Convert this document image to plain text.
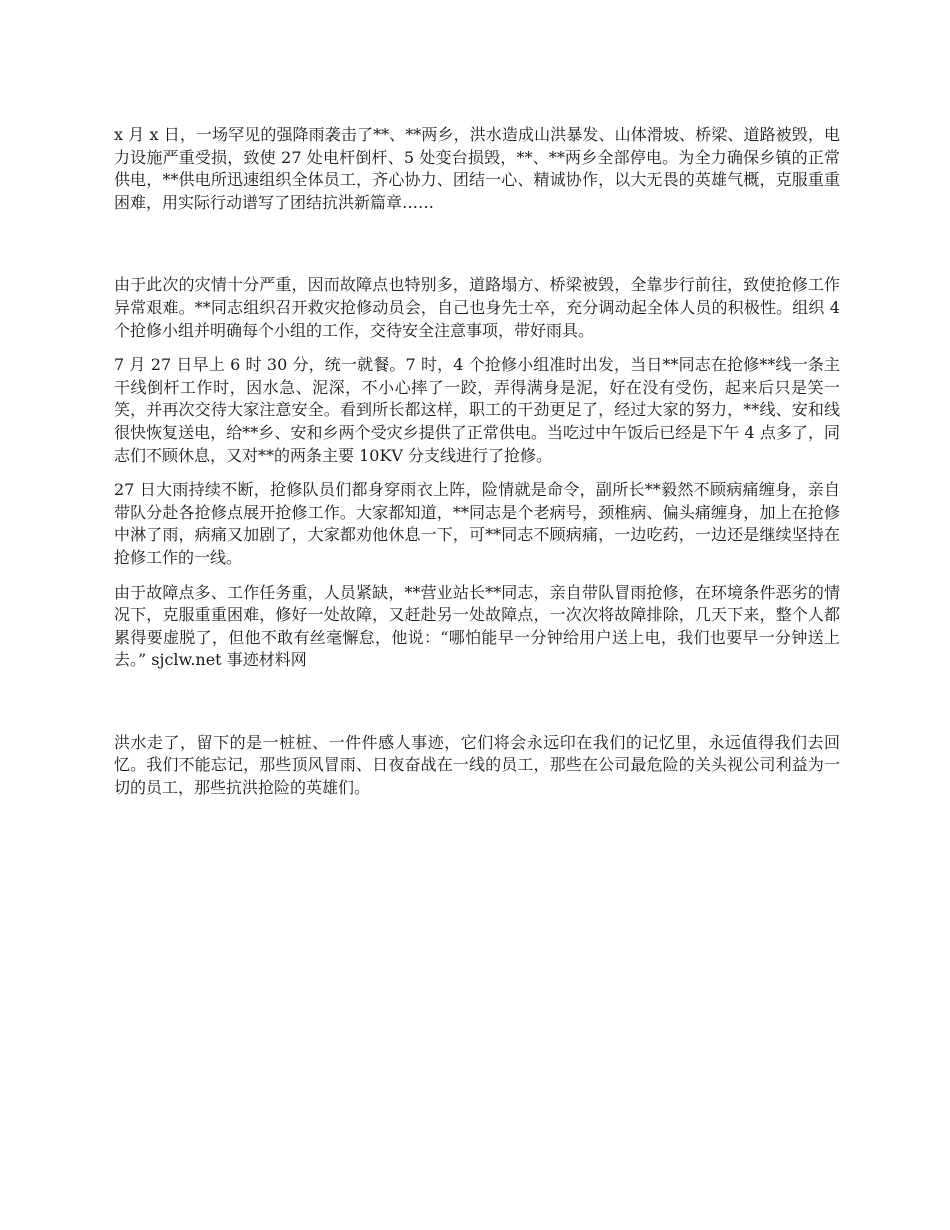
x 月 x 日，一场罕见的强降雨袭击了**、**两乡，洪水造成山洪暴发、山体滑坡、桥梁、道路被毁，电力设施严重受损，致使 27 处电杆倒杆、5 处变台损毁，**、**两乡全部停电。为全力确保乡镇的正常供电，**供电所迅速组织全体员工，齐心协力、团结一心、精诚协作，以大无畏的英雄气概，克服重重困难，用实际行动谱写了团结抗洪新篇章……

由于此次的灾情十分严重，因而故障点也特别多，道路塌方、桥梁被毁，全靠步行前往，致使抢修工作异常艰难。**同志组织召开救灾抢修动员会，自己也身先士卒，充分调动起全体人员的积极性。组织 4 个抢修小组并明确每个小组的工作，交待安全注意事项，带好雨具。

7 月 27 日早上 6 时 30 分，统一就餐。7 时，4 个抢修小组准时出发，当日**同志在抢修**线一条主干线倒杆工作时，因水急、泥深，不小心摔了一跤，弄得满身是泥，好在没有受伤，起来后只是笑一笑，并再次交待大家注意安全。看到所长都这样，职工的干劲更足了，经过大家的努力，**线、安和线很快恢复送电，给**乡、安和乡两个受灾乡提供了正常供电。当吃过中午饭后已经是下午 4 点多了，同志们不顾休息，又对**的两条主要 10KV 分支线进行了抢修。

27 日大雨持续不断，抢修队员们都身穿雨衣上阵，险情就是命令，副所长**毅然不顾病痛缠身，亲自带队分赴各抢修点展开抢修工作。大家都知道，**同志是个老病号，颈椎病、偏头痛缠身，加上在抢修中淋了雨，病痛又加剧了，大家都劝他休息一下，可**同志不顾病痛，一边吃药，一边还是继续坚持在抢修工作的一线。

由于故障点多、工作任务重，人员紧缺，**营业站长**同志，亲自带队冒雨抢修，在环境条件恶劣的情况下，克服重重困难，修好一处故障，又赶赴另一处故障点，一次次将故障排除，几天下来，整个人都累得要虚脱了，但他不敢有丝毫懈怠，他说：“哪怕能早一分钟给用户送上电，我们也要早一分钟送上去。” sjclw.net 事迹材料网

洪水走了，留下的是一桩桩、一件件感人事迹，它们将会永远印在我们的记忆里，永远值得我们去回忆。我们不能忘记，那些顶风冒雨、日夜奋战在一线的员工，那些在公司最危险的关头视公司利益为一切的员工，那些抗洪抢险的英雄们。
